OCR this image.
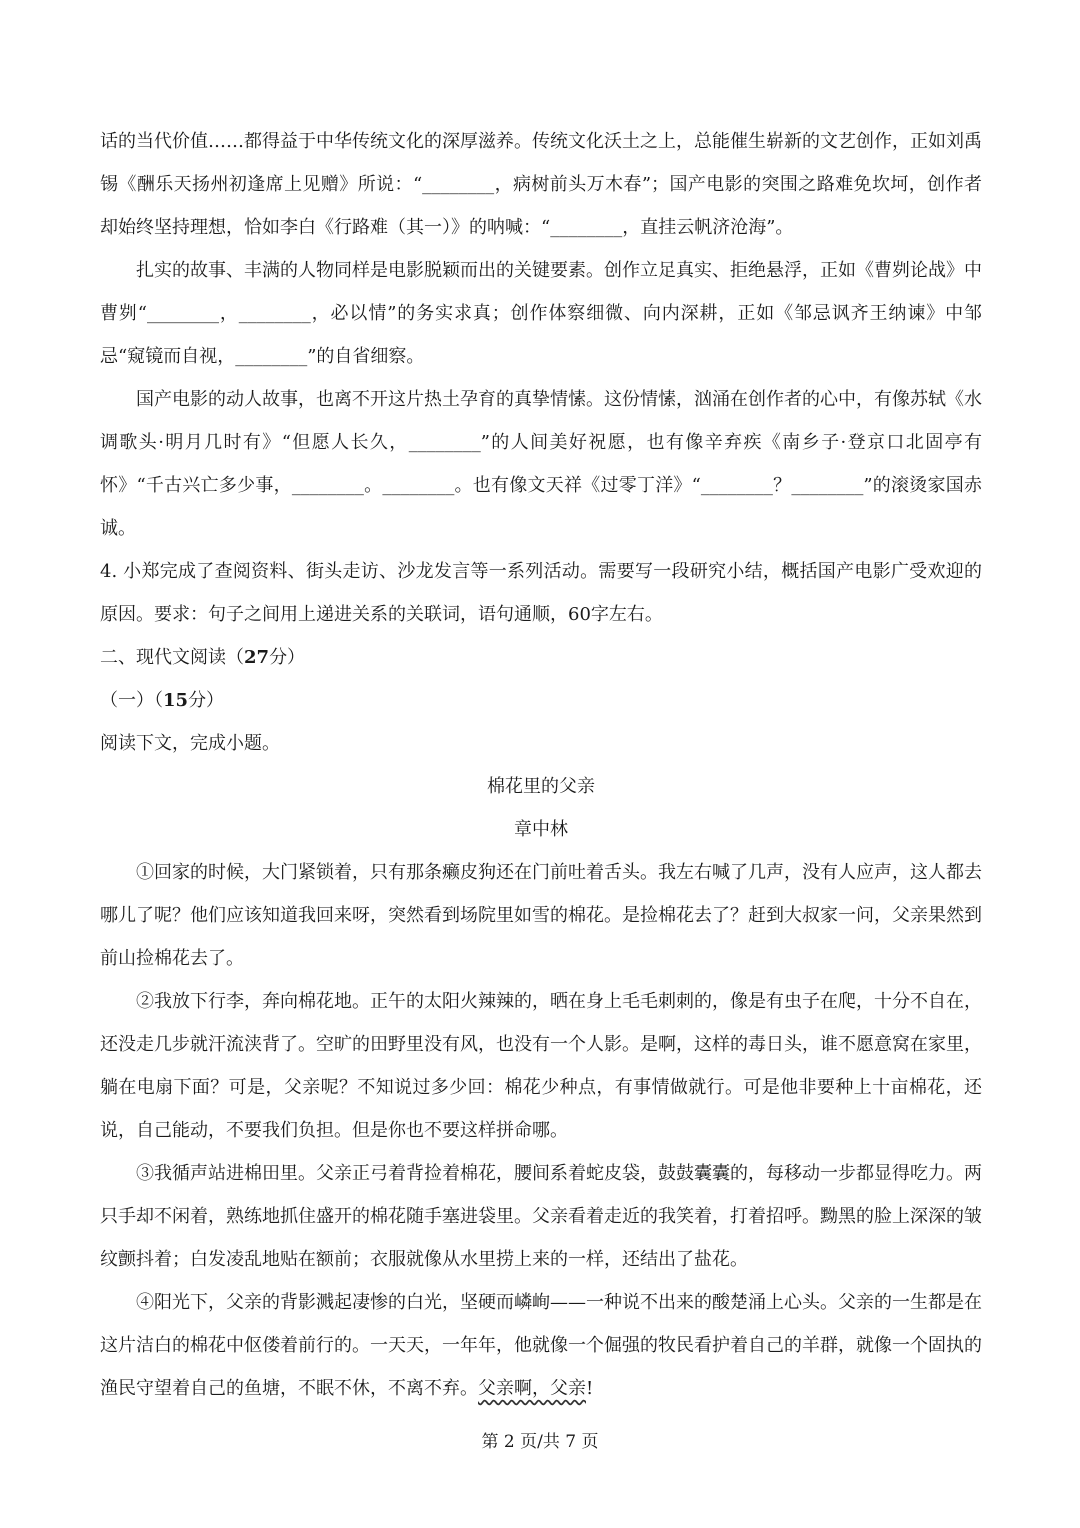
话的当代价值……都得益于中华传统文化的深厚滋养。传统文化沃土之上，总能催生崭新的文艺创作，正如刘禹锡《酬乐天扬州初逢席上见赠》所说：“________，病树前头万木春”；国产电影的突围之路难免坎坷，创作者却始终坚持理想，恰如李白《行路难（其一）》的呐喊：“________，直挂云帆济沧海”。

扎实的故事、丰满的人物同样是电影脱颖而出的关键要素。创作立足真实、拒绝悬浮，正如《曹刿论战》中曹刿“________，________，必以情”的务实求真；创作体察细微、向内深耕，正如《邹忌讽齐王纳谏》中邹忌“窥镜而自视，________”的自省细察。

国产电影的动人故事，也离不开这片热土孕育的真挚情愫。这份情愫，汹涌在创作者的心中，有像苏轼《水调歌头·明月几时有》“但愿人长久，________”的人间美好祝愿，也有像辛弃疾《南乡子·登京口北固亭有怀》“千古兴亡多少事，________。________。也有像文天祥《过零丁洋》“________？________”的滚烫家国赤诚。

4. 小郑完成了查阅资料、街头走访、沙龙发言等一系列活动。需要写一段研究小结，概括国产电影广受欢迎的原因。要求：句子之间用上递进关系的关联词，语句通顺，60字左右。

二、现代文阅读（27分）

（一）（15分）

阅读下文，完成小题。

棉花里的父亲

章中林

①回家的时候，大门紧锁着，只有那条癞皮狗还在门前吐着舌头。我左右喊了几声，没有人应声，这人都去哪儿了呢？他们应该知道我回来呀，突然看到场院里如雪的棉花。是捡棉花去了？赶到大叔家一问，父亲果然到前山捡棉花去了。

②我放下行李，奔向棉花地。正午的太阳火辣辣的，晒在身上毛毛刺刺的，像是有虫子在爬，十分不自在，还没走几步就汗流浃背了。空旷的田野里没有风，也没有一个人影。是啊，这样的毒日头，谁不愿意窝在家里，躺在电扇下面？可是，父亲呢？不知说过多少回：棉花少种点，有事情做就行。可是他非要种上十亩棉花，还说，自己能动，不要我们负担。但是你也不要这样拼命哪。

③我循声站进棉田里。父亲正弓着背捡着棉花，腰间系着蛇皮袋，鼓鼓囊囊的，每移动一步都显得吃力。两只手却不闲着，熟练地抓住盛开的棉花随手塞进袋里。父亲看着走近的我笑着，打着招呼。黝黑的脸上深深的皱纹颤抖着；白发凌乱地贴在额前；衣服就像从水里捞上来的一样，还结出了盐花。

④阳光下，父亲的背影溅起凄惨的白光，坚硬而嶙峋——一种说不出来的酸楚涌上心头。父亲的一生都是在这片洁白的棉花中伛偻着前行的。一天天，一年年，他就像一个倔强的牧民看护着自己的羊群，就像一个固执的渔民守望着自己的鱼塘，不眠不休，不离不弃。父亲啊，父亲!

第 2 页/共 7 页
